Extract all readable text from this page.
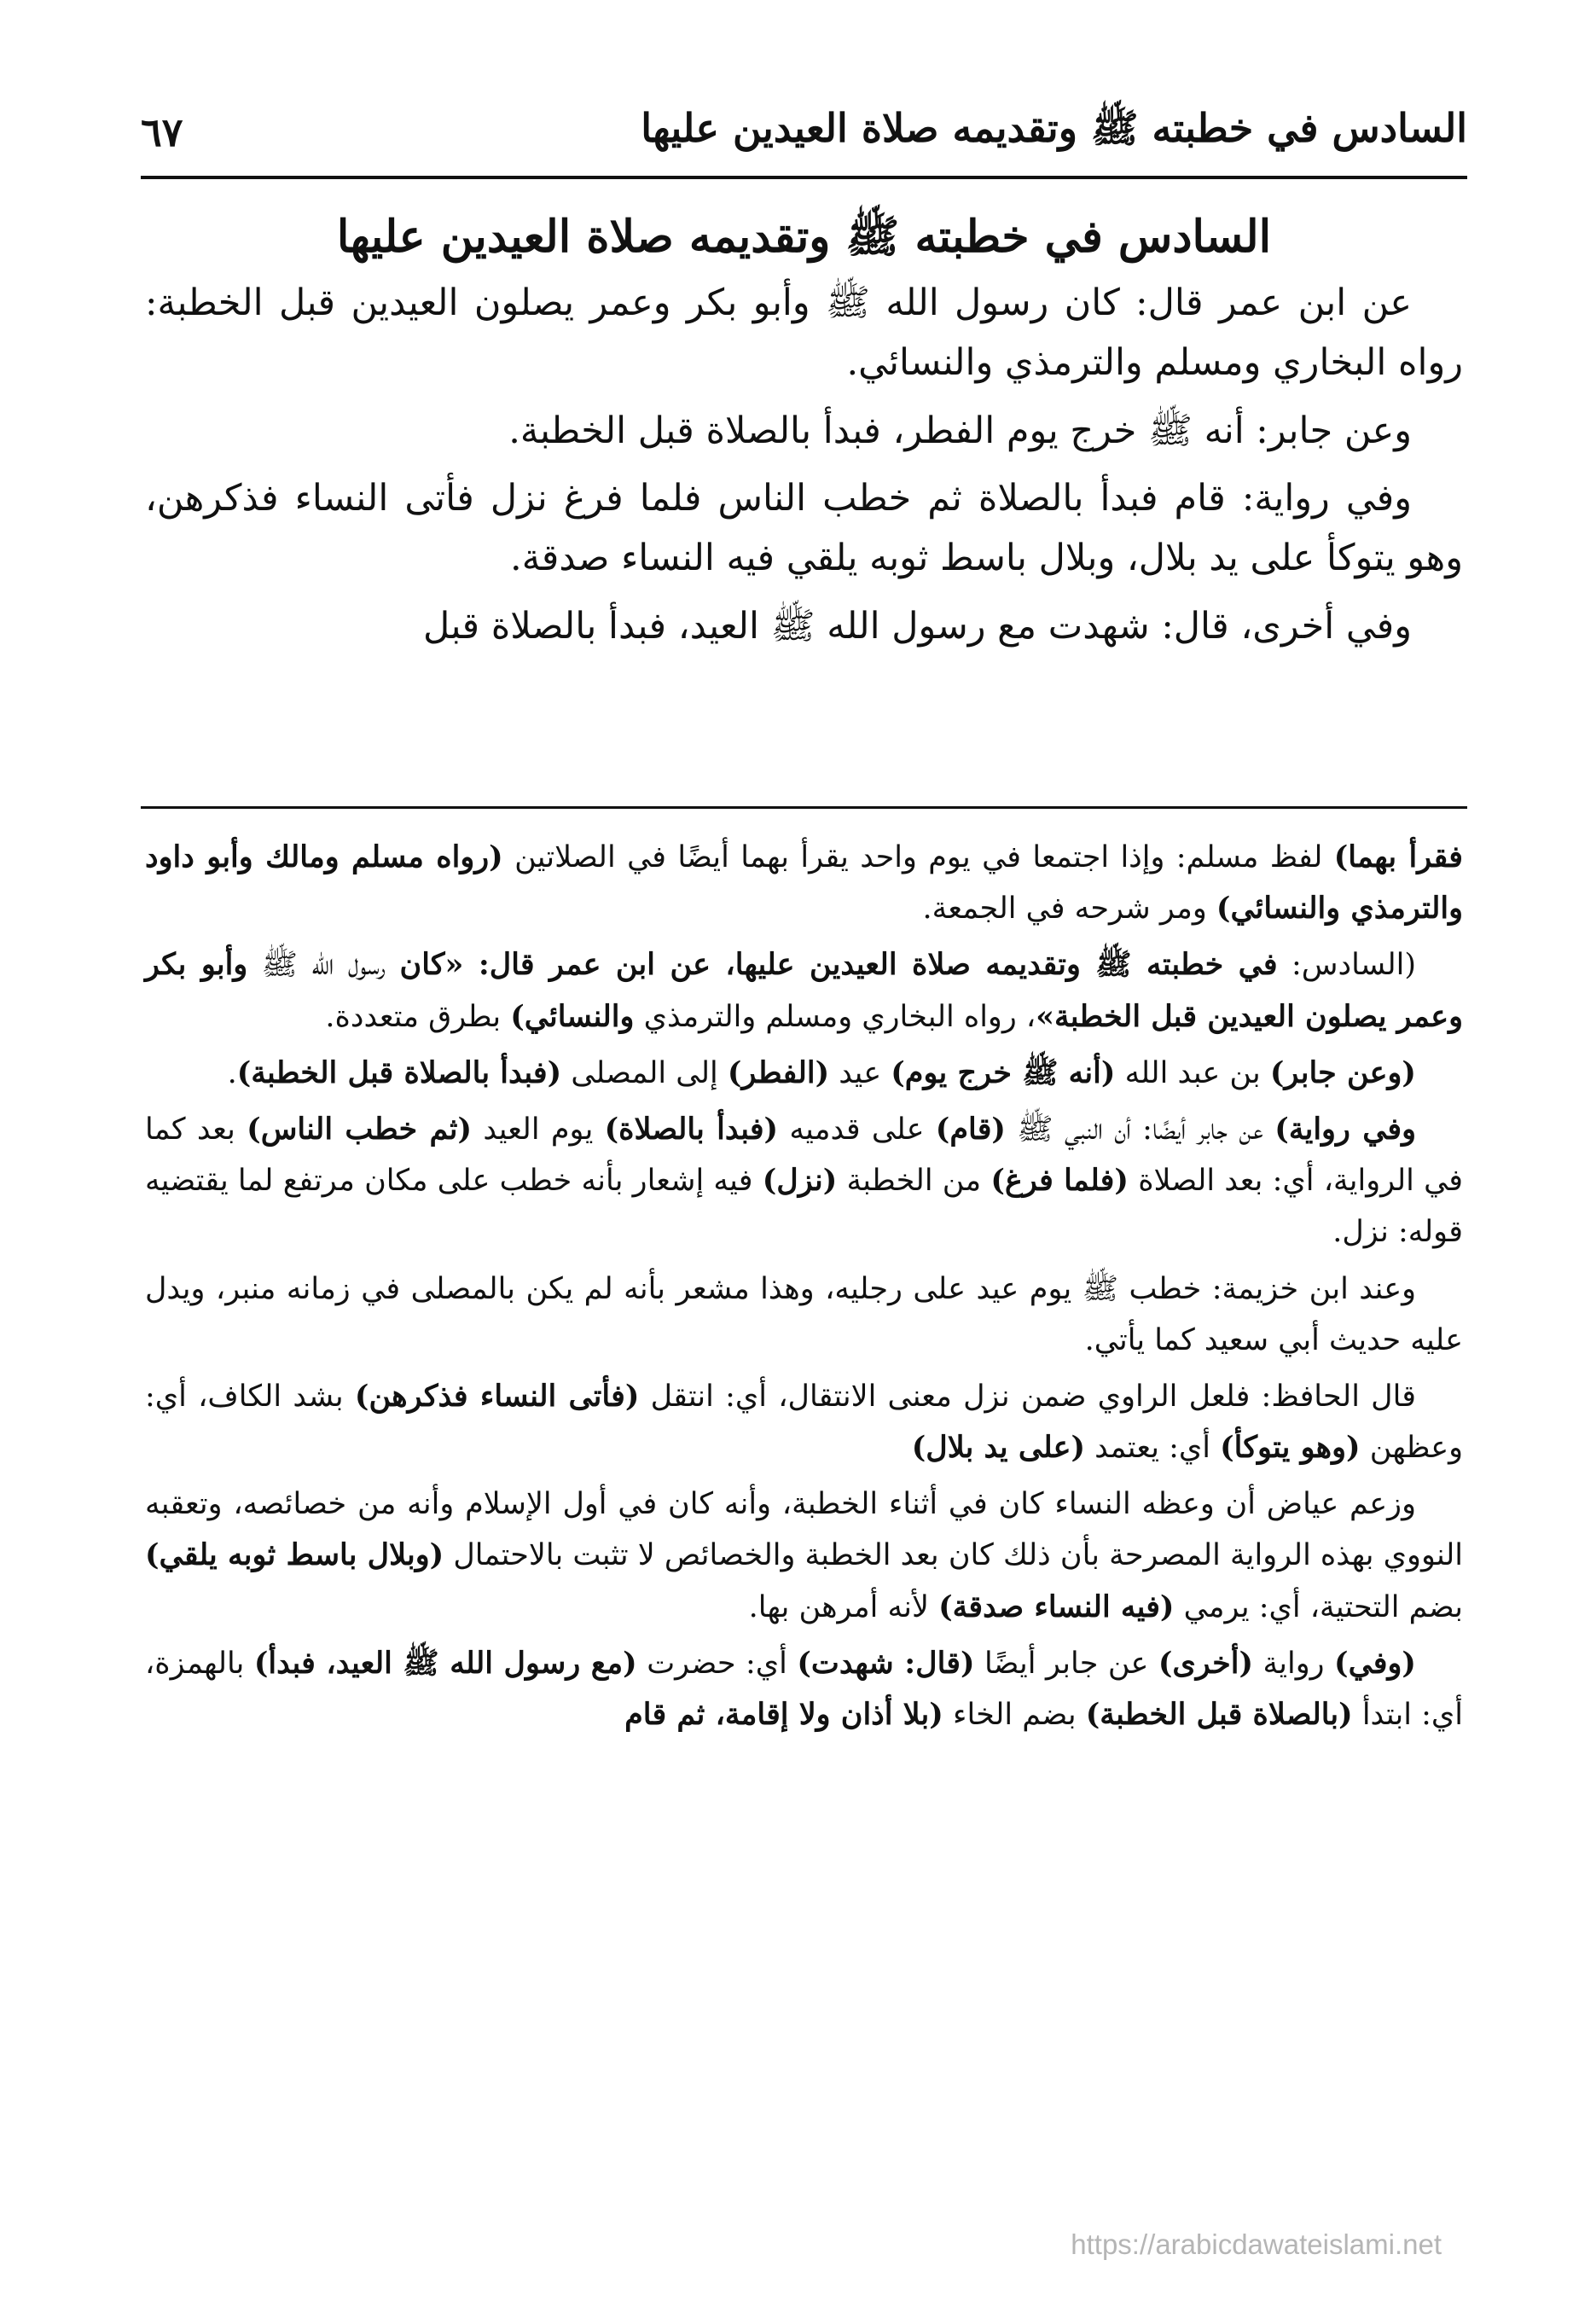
السادس في خطبته ﷺ وتقديمه صلاة العيدين عليها
٦٧
السادس في خطبته ﷺ وتقديمه صلاة العيدين عليها

عن ابن عمر قال: كان رسول الله ﷺ وأبو بكر وعمر يصلون العيدين قبل الخطبة: رواه البخاري ومسلم والترمذي والنسائي.

وعن جابر: أنه ﷺ خرج يوم الفطر، فبدأ بالصلاة قبل الخطبة.

وفي رواية: قام فبدأ بالصلاة ثم خطب الناس فلما فرغ نزل فأتى النساء فذكرهن، وهو يتوكأ على يد بلال، وبلال باسط ثوبه يلقي فيه النساء صدقة.

وفي أخرى، قال: شهدت مع رسول الله ﷺ العيد، فبدأ بالصلاة قبل

فقرأ بهما) لفظ مسلم: وإذا اجتمعا في يوم واحد يقرأ بهما أيضًا في الصلاتين (رواه مسلم ومالك وأبو داود والترمذي والنسائي) ومر شرحه في الجمعة.

(السادس: في خطبته ﷺ وتقديمه صلاة العيدين عليها، عن ابن عمر قال: «كان رسول الله ﷺ وأبو بكر وعمر يصلون العيدين قبل الخطبة»، رواه البخاري ومسلم والترمذي والنسائي) بطرق متعددة.

(وعن جابر) بن عبد الله (أنه ﷺ خرج يوم) عيد (الفطر) إلى المصلى (فبدأ بالصلاة قبل الخطبة).

وفي رواية) عن جابر أيضًا: أن النبي ﷺ (قام) على قدميه (فبدأ بالصلاة) يوم العيد (ثم خطب الناس) بعد كما في الرواية، أي: بعد الصلاة (فلما فرغ) من الخطبة (نزل) فيه إشعار بأنه خطب على مكان مرتفع لما يقتضيه قوله: نزل.

وعند ابن خزيمة: خطب ﷺ يوم عيد على رجليه، وهذا مشعر بأنه لم يكن بالمصلى في زمانه منبر، ويدل عليه حديث أبي سعيد كما يأتي.

قال الحافظ: فلعل الراوي ضمن نزل معنى الانتقال، أي: انتقل (فأتى النساء فذكرهن) بشد الكاف، أي: وعظهن (وهو يتوكأ) أي: يعتمد (على يد بلال)

وزعم عياض أن وعظه النساء كان في أثناء الخطبة، وأنه كان في أول الإسلام وأنه من خصائصه، وتعقبه النووي بهذه الرواية المصرحة بأن ذلك كان بعد الخطبة والخصائص لا تثبت بالاحتمال (وبلال باسط ثوبه يلقي) بضم التحتية، أي: يرمي (فيه النساء صدقة) لأنه أمرهن بها.

(وفي) رواية (أخرى) عن جابر أيضًا (قال: شهدت) أي: حضرت (مع رسول الله ﷺ العيد، فبدأ) بالهمزة، أي: ابتدأ (بالصلاة قبل الخطبة) بضم الخاء (بلا أذان ولا إقامة، ثم قام

https://arabicdawateislami.net
